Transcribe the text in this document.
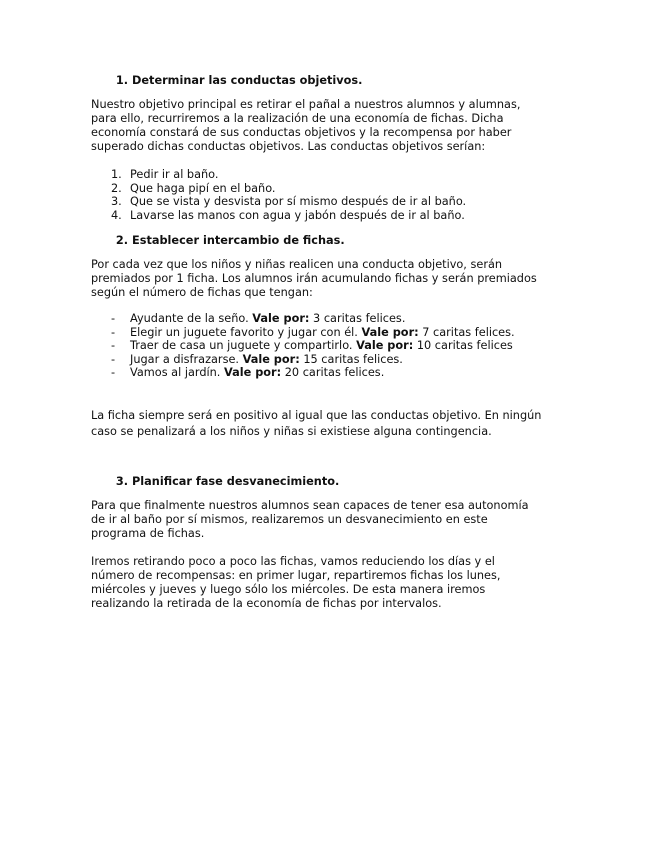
1. Determinar las conductas objetivos.
Nuestro objetivo principal es retirar el pañal a nuestros alumnos y alumnas,
para ello, recurriremos a la realización de una economía de fichas. Dicha
economía constará de sus conductas objetivos y la recompensa por haber
superado dichas conductas objetivos. Las conductas objetivos serían:
1. Pedir ir al baño.
2. Que haga pipí en el baño.
3. Que se vista y desvista por sí mismo después de ir al baño.
4. Lavarse las manos con agua y jabón después de ir al baño.
2. Establecer intercambio de fichas.
Por cada vez que los niños y niñas realicen una conducta objetivo, serán
premiados por 1 ficha. Los alumnos irán acumulando fichas y serán premiados
según el número de fichas que tengan:
-	Ayudante de la seño. Vale por: 3 caritas felices.
-	Elegir un juguete favorito y jugar con él. Vale por: 7 caritas felices.
-	Traer de casa un juguete y compartirlo. Vale por: 10 caritas felices
-	Jugar a disfrazarse. Vale por: 15 caritas felices.
-	Vamos al jardín. Vale por: 20 caritas felices.
La ficha siempre será en positivo al igual que las conductas objetivo. En ningún
caso se penalizará a los niños y niñas si existiese alguna contingencia.
3. Planificar fase desvanecimiento.
Para que finalmente nuestros alumnos sean capaces de tener esa autonomía
de ir al baño por sí mismos, realizaremos un desvanecimiento en este
programa de fichas.
Iremos retirando poco a poco las fichas, vamos reduciendo los días y el
número de recompensas: en primer lugar, repartiremos fichas los lunes,
miércoles y jueves y luego sólo los miércoles. De esta manera iremos
realizando la retirada de la economía de fichas por intervalos.
